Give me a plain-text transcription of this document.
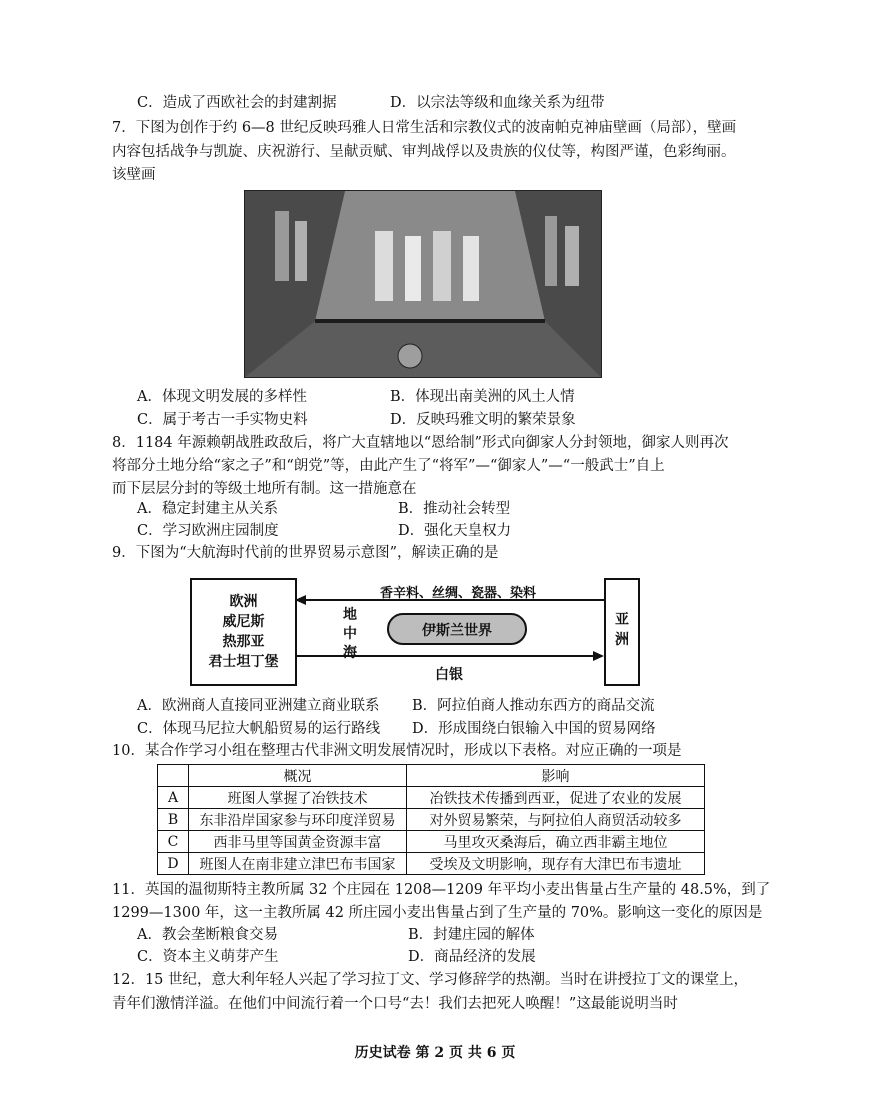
C．造成了西欧社会的封建割据	D．以宗法等级和血缘关系为纽带
7．下图为创作于约 6—8 世纪反映玛雅人日常生活和宗教仪式的波南帕克神庙壁画（局部），壁画
内容包括战争与凯旋、庆祝游行、呈献贡赋、审判战俘以及贵族的仪仗等，构图严谨，色彩绚丽。
该壁画
A．体现文明发展的多样性	B．体现出南美洲的风土人情
C．属于考古一手实物史料	D．反映玛雅文明的繁荣景象
8．1184 年源赖朝战胜政敌后，将广大直辖地以“恩给制”形式向御家人分封领地，御家人则再次
将部分土地分给“家之子”和“朗党”等，由此产生了“将军”—“御家人”—“一般武士”自上
而下层层分封的等级土地所有制。这一措施意在
A．稳定封建主从关系	B．推动社会转型
C．学习欧洲庄园制度	D．强化天皇权力
9．下图为“大航海时代前的世界贸易示意图”，解读正确的是
欧洲
威尼斯
热那亚
君士坦丁堡
亚
洲
香辛料、丝绸、瓷器、染料
地
中
海
伊斯兰世界
白银
A．欧洲商人直接同亚洲建立商业联系 B．阿拉伯商人推动东西方的商品交流
C．体现马尼拉大帆船贸易的运行路线 D．形成围绕白银输入中国的贸易网络
10．某合作学习小组在整理古代非洲文明发展情况时，形成以下表格。对应正确的一项是
	概况	影响
A	班图人掌握了冶铁技术	冶铁技术传播到西亚，促进了农业的发展
B	东非沿岸国家参与环印度洋贸易	对外贸易繁荣，与阿拉伯人商贸活动较多
C	西非马里等国黄金资源丰富	马里攻灭桑海后，确立西非霸主地位
D	班图人在南非建立津巴布韦国家	受埃及文明影响，现存有大津巴布韦遗址
11．英国的温彻斯特主教所属 32 个庄园在 1208—1209 年平均小麦出售量占生产量的 48.5%，到了
1299—1300 年，这一主教所属 42 所庄园小麦出售量占到了生产量的 70%。影响这一变化的原因是
A．教会垄断粮食交易	B．封建庄园的解体
C．资本主义萌芽产生	D．商品经济的发展
12．15 世纪，意大利年轻人兴起了学习拉丁文、学习修辞学的热潮。当时在讲授拉丁文的课堂上，
青年们激情洋溢。在他们中间流行着一个口号“去！我们去把死人唤醒！”这最能说明当时
历史试卷 第 2 页 共 6 页
